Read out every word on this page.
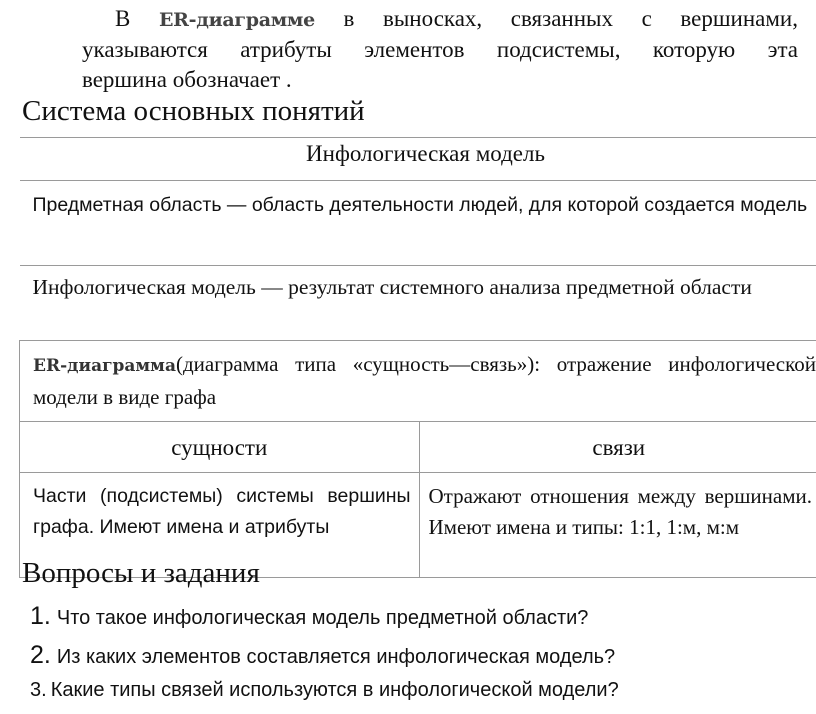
В ER-диаграмме в выносках, связанных с вершинами,
указываются атрибуты элементов подсистемы, которую эта
вершина обозначает .
Система основных понятий
Инфологическая модель	

Предметная область — область деятельности людей, для которой создается модель	

Инфологическая модель — результат системного анализа предметной области	

ER-диаграмма(диаграмма типа «сущность—связь»): отражение инфологической модели в виде графа	

сущности	связи

Части (подсистемы) системы вершины графа. Имеют имена и атрибуты	Отражают отношения между вершинами. Имеют имена и типы: 1:1, 1:м, м:м
Вопросы и задания
1. Что такое инфологическая модель предметной области?
2. Из каких элементов составляется инфологическая модель?
3. Какие типы связей используются в инфологической модели?
